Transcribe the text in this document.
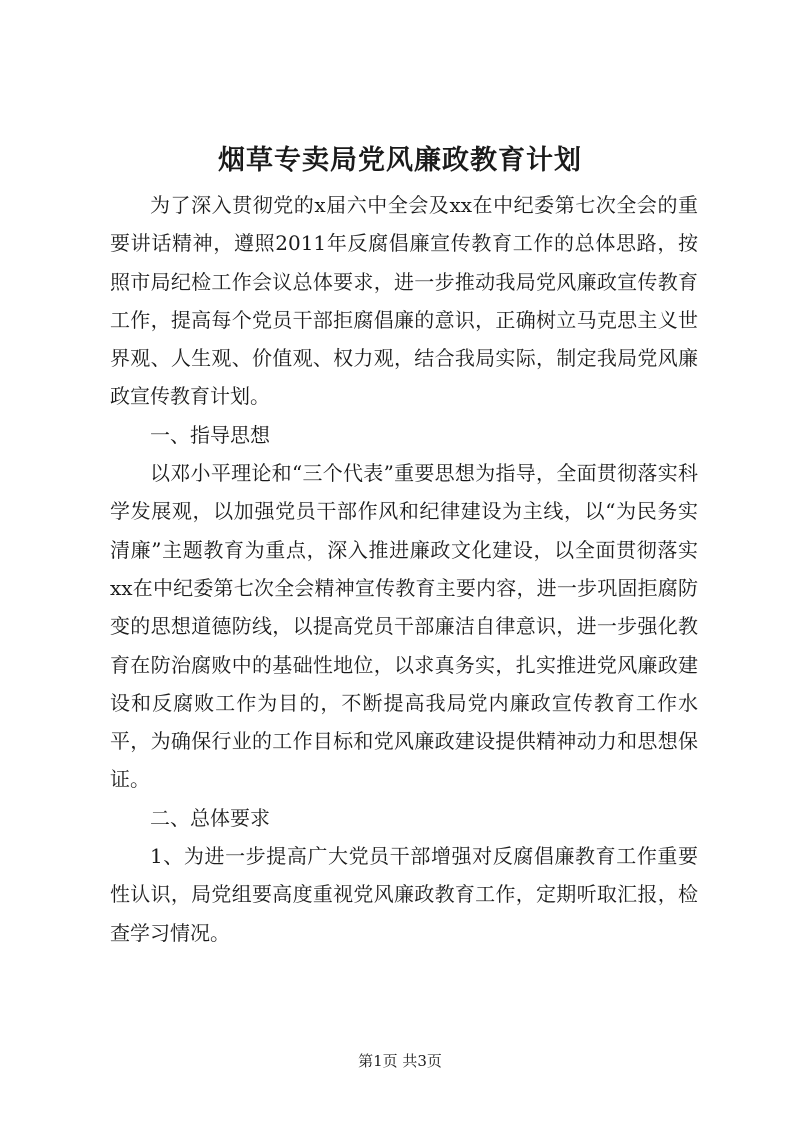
烟草专卖局党风廉政教育计划

为了深入贯彻党的x届六中全会及xx在中纪委第七次全会的重要讲话精神，遵照2011年反腐倡廉宣传教育工作的总体思路，按照市局纪检工作会议总体要求，进一步推动我局党风廉政宣传教育工作，提高每个党员干部拒腐倡廉的意识，正确树立马克思主义世界观、人生观、价值观、权力观，结合我局实际，制定我局党风廉政宣传教育计划。

一、指导思想

以邓小平理论和“三个代表”重要思想为指导，全面贯彻落实科学发展观，以加强党员干部作风和纪律建设为主线，以“为民务实清廉”主题教育为重点，深入推进廉政文化建设，以全面贯彻落实xx在中纪委第七次全会精神宣传教育主要内容，进一步巩固拒腐防变的思想道德防线，以提高党员干部廉洁自律意识，进一步强化教育在防治腐败中的基础性地位，以求真务实，扎实推进党风廉政建设和反腐败工作为目的，不断提高我局党内廉政宣传教育工作水平，为确保行业的工作目标和党风廉政建设提供精神动力和思想保证。

二、总体要求

1、为进一步提高广大党员干部增强对反腐倡廉教育工作重要性认识，局党组要高度重视党风廉政教育工作，定期听取汇报，检查学习情况。

第1页 共3页
